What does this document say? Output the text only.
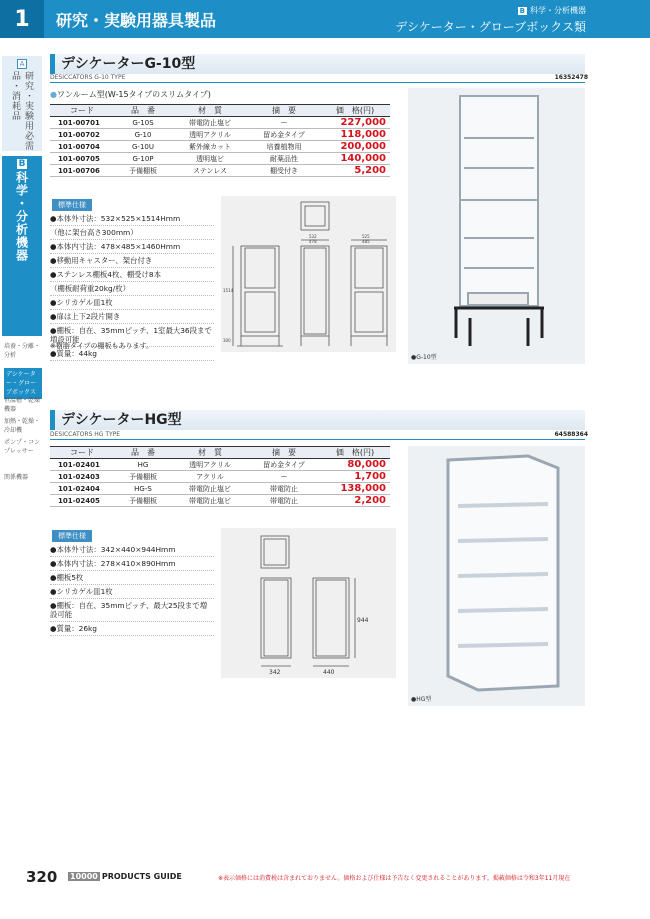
1	研究・実験用器具製品	B 科学・分析機器
デシケーター・グローブボックス類
A
研究・実験用必需品・消耗品
B
科学・分析機器
培養・分離・分析
デシケーター・グローブボックス
恒温槽・乾燥機器
加熱・乾燥・冷却機
ポンプ・コンプレッサー
関係機器
デシケーターG-10型
DESICCATORS G-10 TYPE	16352478
●ワンルーム型(W-15タイプのスリムタイプ)
コード	品　番	材　質	摘　要	価　格(円)
101-00701	G-10S	帯電防止塩ビ	ー	227,000
101-00702	G-10	透明アクリル	留め金タイプ	118,000
101-00704	G-10U	紫外線カット	培養植物用	200,000
101-00705	G-10P	透明塩ビ	耐薬品性	140,000
101-00706	予備棚板	ステンレス	棚受付き	5,200
標準仕様
●本体外寸法：532×525×1514Hmm
（他に架台高さ300mm）
●本体内寸法：478×485×1460Hmm
●移動用キャスター、架台付き
●ステンレス棚板4枚、棚受け8本
（棚板耐荷重20kg/枚）
●シリカゲル皿1枚
●扉は上下2段片開き
●棚板：自在、35mmピッチ、1室最大36段まで増設可能
●質量：44kg
※樹脂タイプの棚板もあります。
532
478
525
485
1514
300
●G-10型
デシケーターHG型
DESICCATORS HG TYPE	64588364
コード	品　番	材　質	摘　要	価　格(円)
101-02401	HG	透明アクリル	留め金タイプ	80,000
101-02403	予備棚板	アクリル	ー	1,700
101-02404	HG-S	帯電防止塩ビ	帯電防止	138,000
101-02405	予備棚板	帯電防止塩ビ	帯電防止	2,200
標準仕様
●本体外寸法：342×440×944Hmm
●本体内寸法：278×410×890Hmm
●棚板5枚
●シリカゲル皿1枚
●棚板：自在、35mmピッチ、最大25段まで増設可能
●質量：26kg
342	440
944
●HG型
320 10000 PRODUCTS GUIDE	※表示価格には消費税は含まれておりません。価格および仕様は予告なく変更されることがあります。掲載価格は令和3年11月現在
